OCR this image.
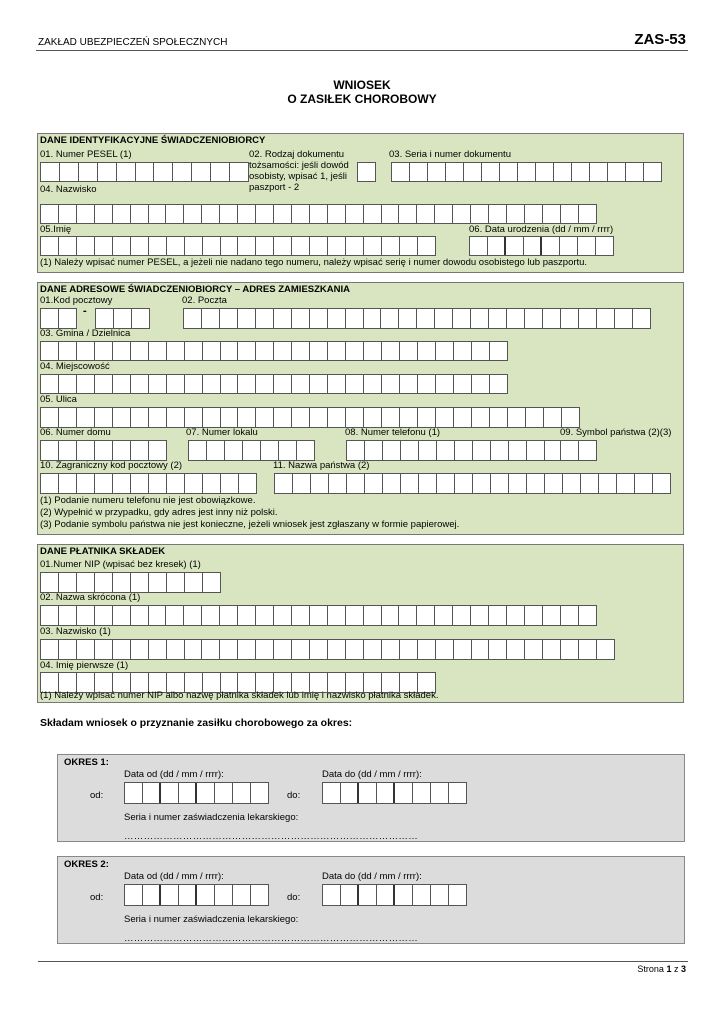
ZAKŁAD UBEZPIECZEŃ SPOŁECZNYCH	ZAS-53
WNIOSEK
O ZASIŁEK CHOROBOWY
DANE IDENTYFIKACYJNE ŚWIADCZENIOBIORCY
01. Numer PESEL (1)	02. Rodzaj dokumentu tożsamości: jeśli dowód osobisty, wpisać 1, jeśli paszport - 2
03. Seria i numer dokumentu
04. Nazwisko
05.Imię	06. Data urodzenia (dd / mm / rrrr)
(1) Należy wpisać numer PESEL, a jeżeli nie nadano tego numeru, należy wpisać serię i numer dowodu osobistego lub paszportu.
DANE ADRESOWE ŚWIADCZENIOBIORCY – ADRES ZAMIESZKANIA
01.Kod pocztowy
-
02. Poczta
03. Gmina / Dzielnica
04. Miejscowość
05. Ulica
06. Numer domu	07. Numer lokalu	08. Numer telefonu (1)	09. Symbol państwa (2)(3)
10. Zagraniczny kod pocztowy (2)	11. Nazwa państwa (2)
(1) Podanie numeru telefonu nie jest obowiązkowe.
(2) Wypełnić w przypadku, gdy adres jest inny niż polski.
(3) Podanie symbolu państwa nie jest konieczne, jeżeli wniosek jest zgłaszany w formie papierowej.
DANE PŁATNIKA SKŁADEK
01.Numer NIP (wpisać bez kresek) (1)
02. Nazwa skrócona (1)
03. Nazwisko (1)
04. Imię pierwsze (1)
(1) Należy wpisać numer NIP albo nazwę płatnika składek lub imię i nazwisko płatnika składek.
Składam wniosek o przyznanie zasiłku chorobowego za okres:
OKRES 1:
Data od (dd / mm / rrrr):	Data do (dd / mm / rrrr):
od:	do:
Seria i numer zaświadczenia lekarskiego:
………………………………………………………………………………
OKRES 2:
Data od (dd / mm / rrrr):	Data do (dd / mm / rrrr):
od:	do:
Seria i numer zaświadczenia lekarskiego:
………………………………………………………………………………
Strona 1 z 3
